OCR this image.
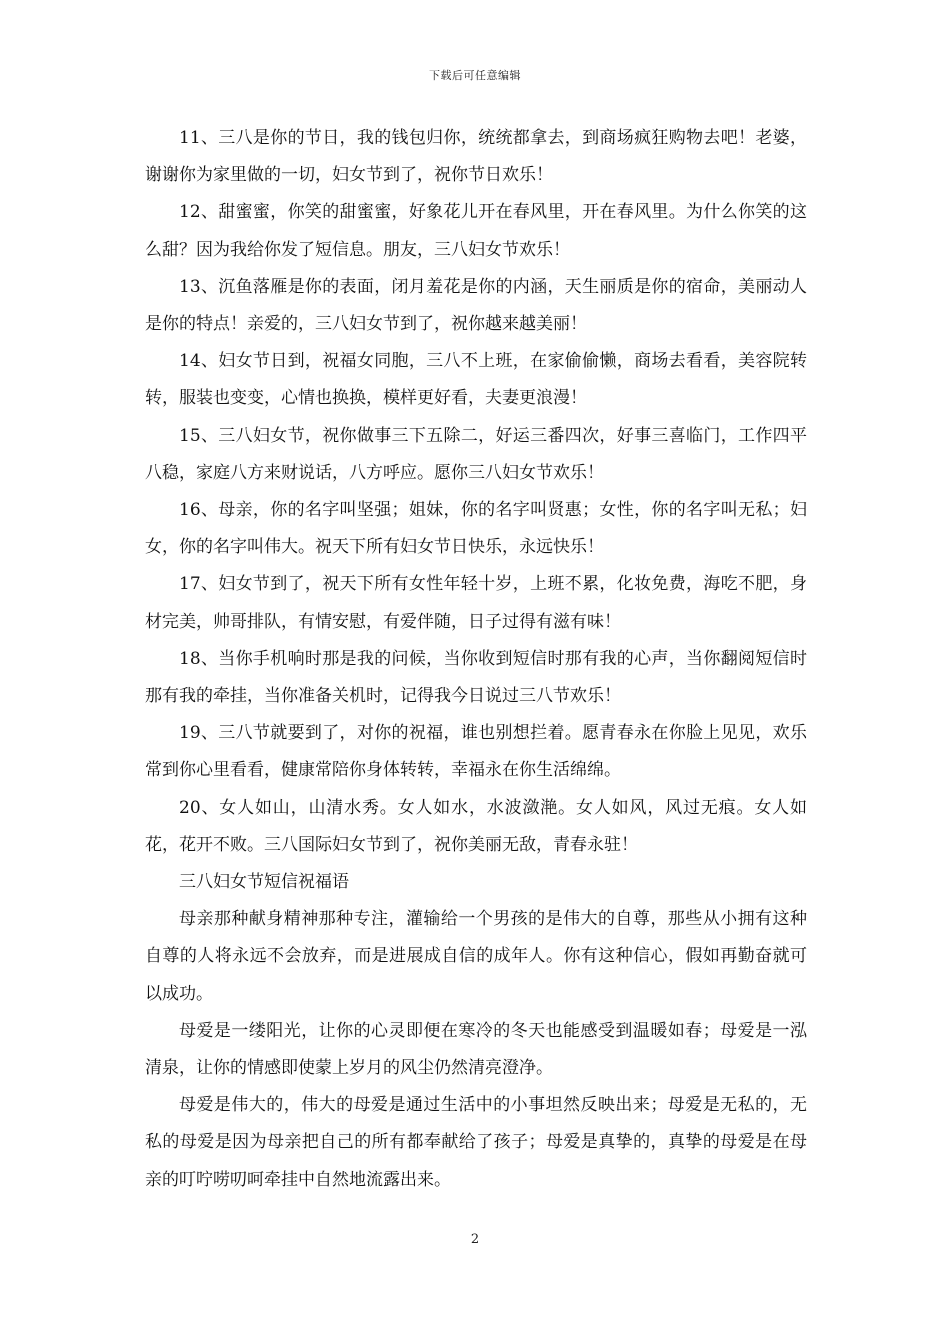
下载后可任意编辑

11、三八是你的节日，我的钱包归你，统统都拿去，到商场疯狂购物去吧！老婆，谢谢你为家里做的一切，妇女节到了，祝你节日欢乐！

12、甜蜜蜜，你笑的甜蜜蜜，好象花儿开在春风里，开在春风里。为什么你笑的这么甜？因为我给你发了短信息。朋友，三八妇女节欢乐！

13、沉鱼落雁是你的表面，闭月羞花是你的内涵，天生丽质是你的宿命，美丽动人是你的特点！亲爱的，三八妇女节到了，祝你越来越美丽！

14、妇女节日到，祝福女同胞，三八不上班，在家偷偷懒，商场去看看，美容院转转，服装也变变，心情也换换，模样更好看，夫妻更浪漫！

15、三八妇女节，祝你做事三下五除二，好运三番四次，好事三喜临门，工作四平八稳，家庭八方来财说话，八方呼应。愿你三八妇女节欢乐！

16、母亲，你的名字叫坚强；姐妹，你的名字叫贤惠；女性，你的名字叫无私；妇女，你的名字叫伟大。祝天下所有妇女节日快乐，永远快乐！

17、妇女节到了，祝天下所有女性年轻十岁，上班不累，化妆免费，海吃不肥，身材完美，帅哥排队，有情安慰，有爱伴随，日子过得有滋有味！

18、当你手机响时那是我的问候，当你收到短信时那有我的心声，当你翻阅短信时那有我的牵挂，当你准备关机时，记得我今日说过三八节欢乐！

19、三八节就要到了，对你的祝福，谁也别想拦着。愿青春永在你脸上见见，欢乐常到你心里看看，健康常陪你身体转转，幸福永在你生活绵绵。

20、女人如山，山清水秀。女人如水，水波潋滟。女人如风，风过无痕。女人如花，花开不败。三八国际妇女节到了，祝你美丽无敌，青春永驻！

三八妇女节短信祝福语

母亲那种献身精神那种专注，灌输给一个男孩的是伟大的自尊，那些从小拥有这种自尊的人将永远不会放弃，而是进展成自信的成年人。你有这种信心，假如再勤奋就可以成功。

母爱是一缕阳光，让你的心灵即便在寒冷的冬天也能感受到温暖如春；母爱是一泓清泉，让你的情感即使蒙上岁月的风尘仍然清亮澄净。

母爱是伟大的，伟大的母爱是通过生活中的小事坦然反映出来；母爱是无私的，无私的母爱是因为母亲把自己的所有都奉献给了孩子；母爱是真挚的，真挚的母爱是在母亲的叮咛唠叨呵牵挂中自然地流露出来。

2
